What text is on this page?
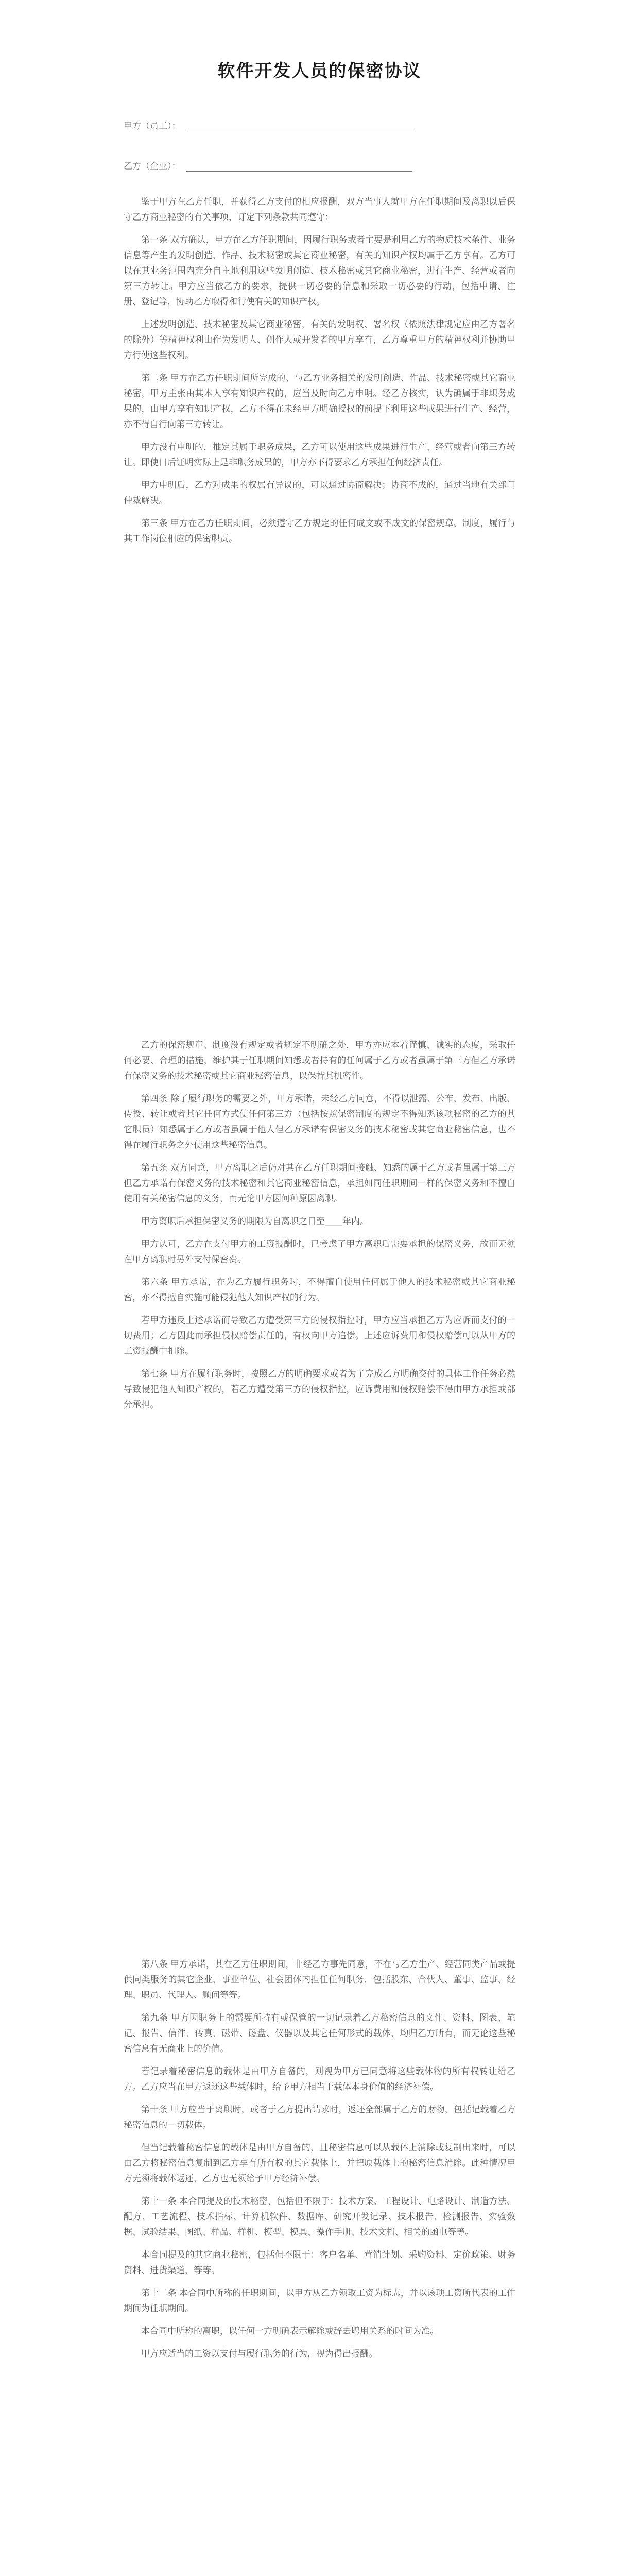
软件开发人员的保密协议
甲方（员工）：
乙方（企业）：

鉴于甲方在乙方任职，并获得乙方支付的相应报酬，双方当事人就甲方在任职期间及离职以后保守乙方商业秘密的有关事项，订定下列条款共同遵守：

第一条 双方确认，甲方在乙方任职期间，因履行职务或者主要是利用乙方的物质技术条件、业务信息等产生的发明创造、作品、技术秘密或其它商业秘密，有关的知识产权均属于乙方享有。乙方可以在其业务范围内充分自主地利用这些发明创造、技术秘密或其它商业秘密，进行生产、经营或者向第三方转让。甲方应当依乙方的要求，提供一切必要的信息和采取一切必要的行动，包括申请、注册、登记等，协助乙方取得和行使有关的知识产权。

上述发明创造、技术秘密及其它商业秘密，有关的发明权、署名权（依照法律规定应由乙方署名的除外）等精神权利由作为发明人、创作人或开发者的甲方享有，乙方尊重甲方的精神权利并协助甲方行使这些权利。

第二条 甲方在乙方任职期间所完成的、与乙方业务相关的发明创造、作品、技术秘密或其它商业秘密，甲方主张由其本人享有知识产权的，应当及时向乙方申明。经乙方核实，认为确属于非职务成果的，由甲方享有知识产权，乙方不得在未经甲方明确授权的前提下利用这些成果进行生产、经营，亦不得自行向第三方转让。

甲方没有申明的，推定其属于职务成果，乙方可以使用这些成果进行生产、经营或者向第三方转让。即使日后证明实际上是非职务成果的，甲方亦不得要求乙方承担任何经济责任。

甲方申明后，乙方对成果的权属有异议的，可以通过协商解决；协商不成的，通过当地有关部门仲裁解决。

第三条 甲方在乙方任职期间，必须遵守乙方规定的任何成文或不成文的保密规章、制度，履行与其工作岗位相应的保密职责。

乙方的保密规章、制度没有规定或者规定不明确之处，甲方亦应本着谨慎、诚实的态度，采取任何必要、合理的措施，维护其于任职期间知悉或者持有的任何属于乙方或者虽属于第三方但乙方承诺有保密义务的技术秘密或其它商业秘密信息，以保持其机密性。

第四条 除了履行职务的需要之外，甲方承诺，未经乙方同意，不得以泄露、公布、发布、出版、传授、转让或者其它任何方式使任何第三方（包括按照保密制度的规定不得知悉该项秘密的乙方的其它职员）知悉属于乙方或者虽属于他人但乙方承诺有保密义务的技术秘密或其它商业秘密信息，也不得在履行职务之外使用这些秘密信息。

第五条 双方同意，甲方离职之后仍对其在乙方任职期间接触、知悉的属于乙方或者虽属于第三方但乙方承诺有保密义务的技术秘密和其它商业秘密信息，承担如同任职期间一样的保密义务和不擅自使用有关秘密信息的义务，而无论甲方因何种原因离职。

甲方离职后承担保密义务的期限为自离职之日至＿＿年内。

甲方认可，乙方在支付甲方的工资报酬时，已考虑了甲方离职后需要承担的保密义务，故而无须在甲方离职时另外支付保密费。

第六条 甲方承诺，在为乙方履行职务时，不得擅自使用任何属于他人的技术秘密或其它商业秘密，亦不得擅自实施可能侵犯他人知识产权的行为。

若甲方违反上述承诺而导致乙方遭受第三方的侵权指控时，甲方应当承担乙方为应诉而支付的一切费用；乙方因此而承担侵权赔偿责任的，有权向甲方追偿。上述应诉费用和侵权赔偿可以从甲方的工资报酬中扣除。

第七条 甲方在履行职务时，按照乙方的明确要求或者为了完成乙方明确交付的具体工作任务必然导致侵犯他人知识产权的，若乙方遭受第三方的侵权指控，应诉费用和侵权赔偿不得由甲方承担或部分承担。

第八条 甲方承诺，其在乙方任职期间，非经乙方事先同意，不在与乙方生产、经营同类产品或提供同类服务的其它企业、事业单位、社会团体内担任任何职务，包括股东、合伙人、董事、监事、经理、职员、代理人、顾问等等。

第九条 甲方因职务上的需要所持有或保管的一切记录着乙方秘密信息的文件、资料、图表、笔记、报告、信件、传真、磁带、磁盘、仪器以及其它任何形式的载体，均归乙方所有，而无论这些秘密信息有无商业上的价值。

若记录着秘密信息的载体是由甲方自备的，则视为甲方已同意将这些载体物的所有权转让给乙方。乙方应当在甲方返还这些载体时，给予甲方相当于载体本身价值的经济补偿。

第十条 甲方应当于离职时，或者于乙方提出请求时，返还全部属于乙方的财物，包括记载着乙方秘密信息的一切载体。

但当记载着秘密信息的载体是由甲方自备的，且秘密信息可以从载体上消除或复制出来时，可以由乙方将秘密信息复制到乙方享有所有权的其它载体上，并把原载体上的秘密信息消除。此种情况甲方无须将载体返还，乙方也无须给予甲方经济补偿。

第十一条 本合同提及的技术秘密，包括但不限于：技术方案、工程设计、电路设计、制造方法、配方、工艺流程、技术指标、计算机软件、数据库、研究开发记录、技术报告、检测报告、实验数据、试验结果、图纸、样品、样机、模型、模具、操作手册、技术文档、相关的函电等等。

本合同提及的其它商业秘密，包括但不限于：客户名单、营销计划、采购资料、定价政策、财务资料、进货渠道、等等。

第十二条 本合同中所称的任职期间，以甲方从乙方领取工资为标志，并以该项工资所代表的工作期间为任职期间。

本合同中所称的离职，以任何一方明确表示解除或辞去聘用关系的时间为准。

甲方应适当的工资以支付与履行职务的行为，视为得出报酬。
